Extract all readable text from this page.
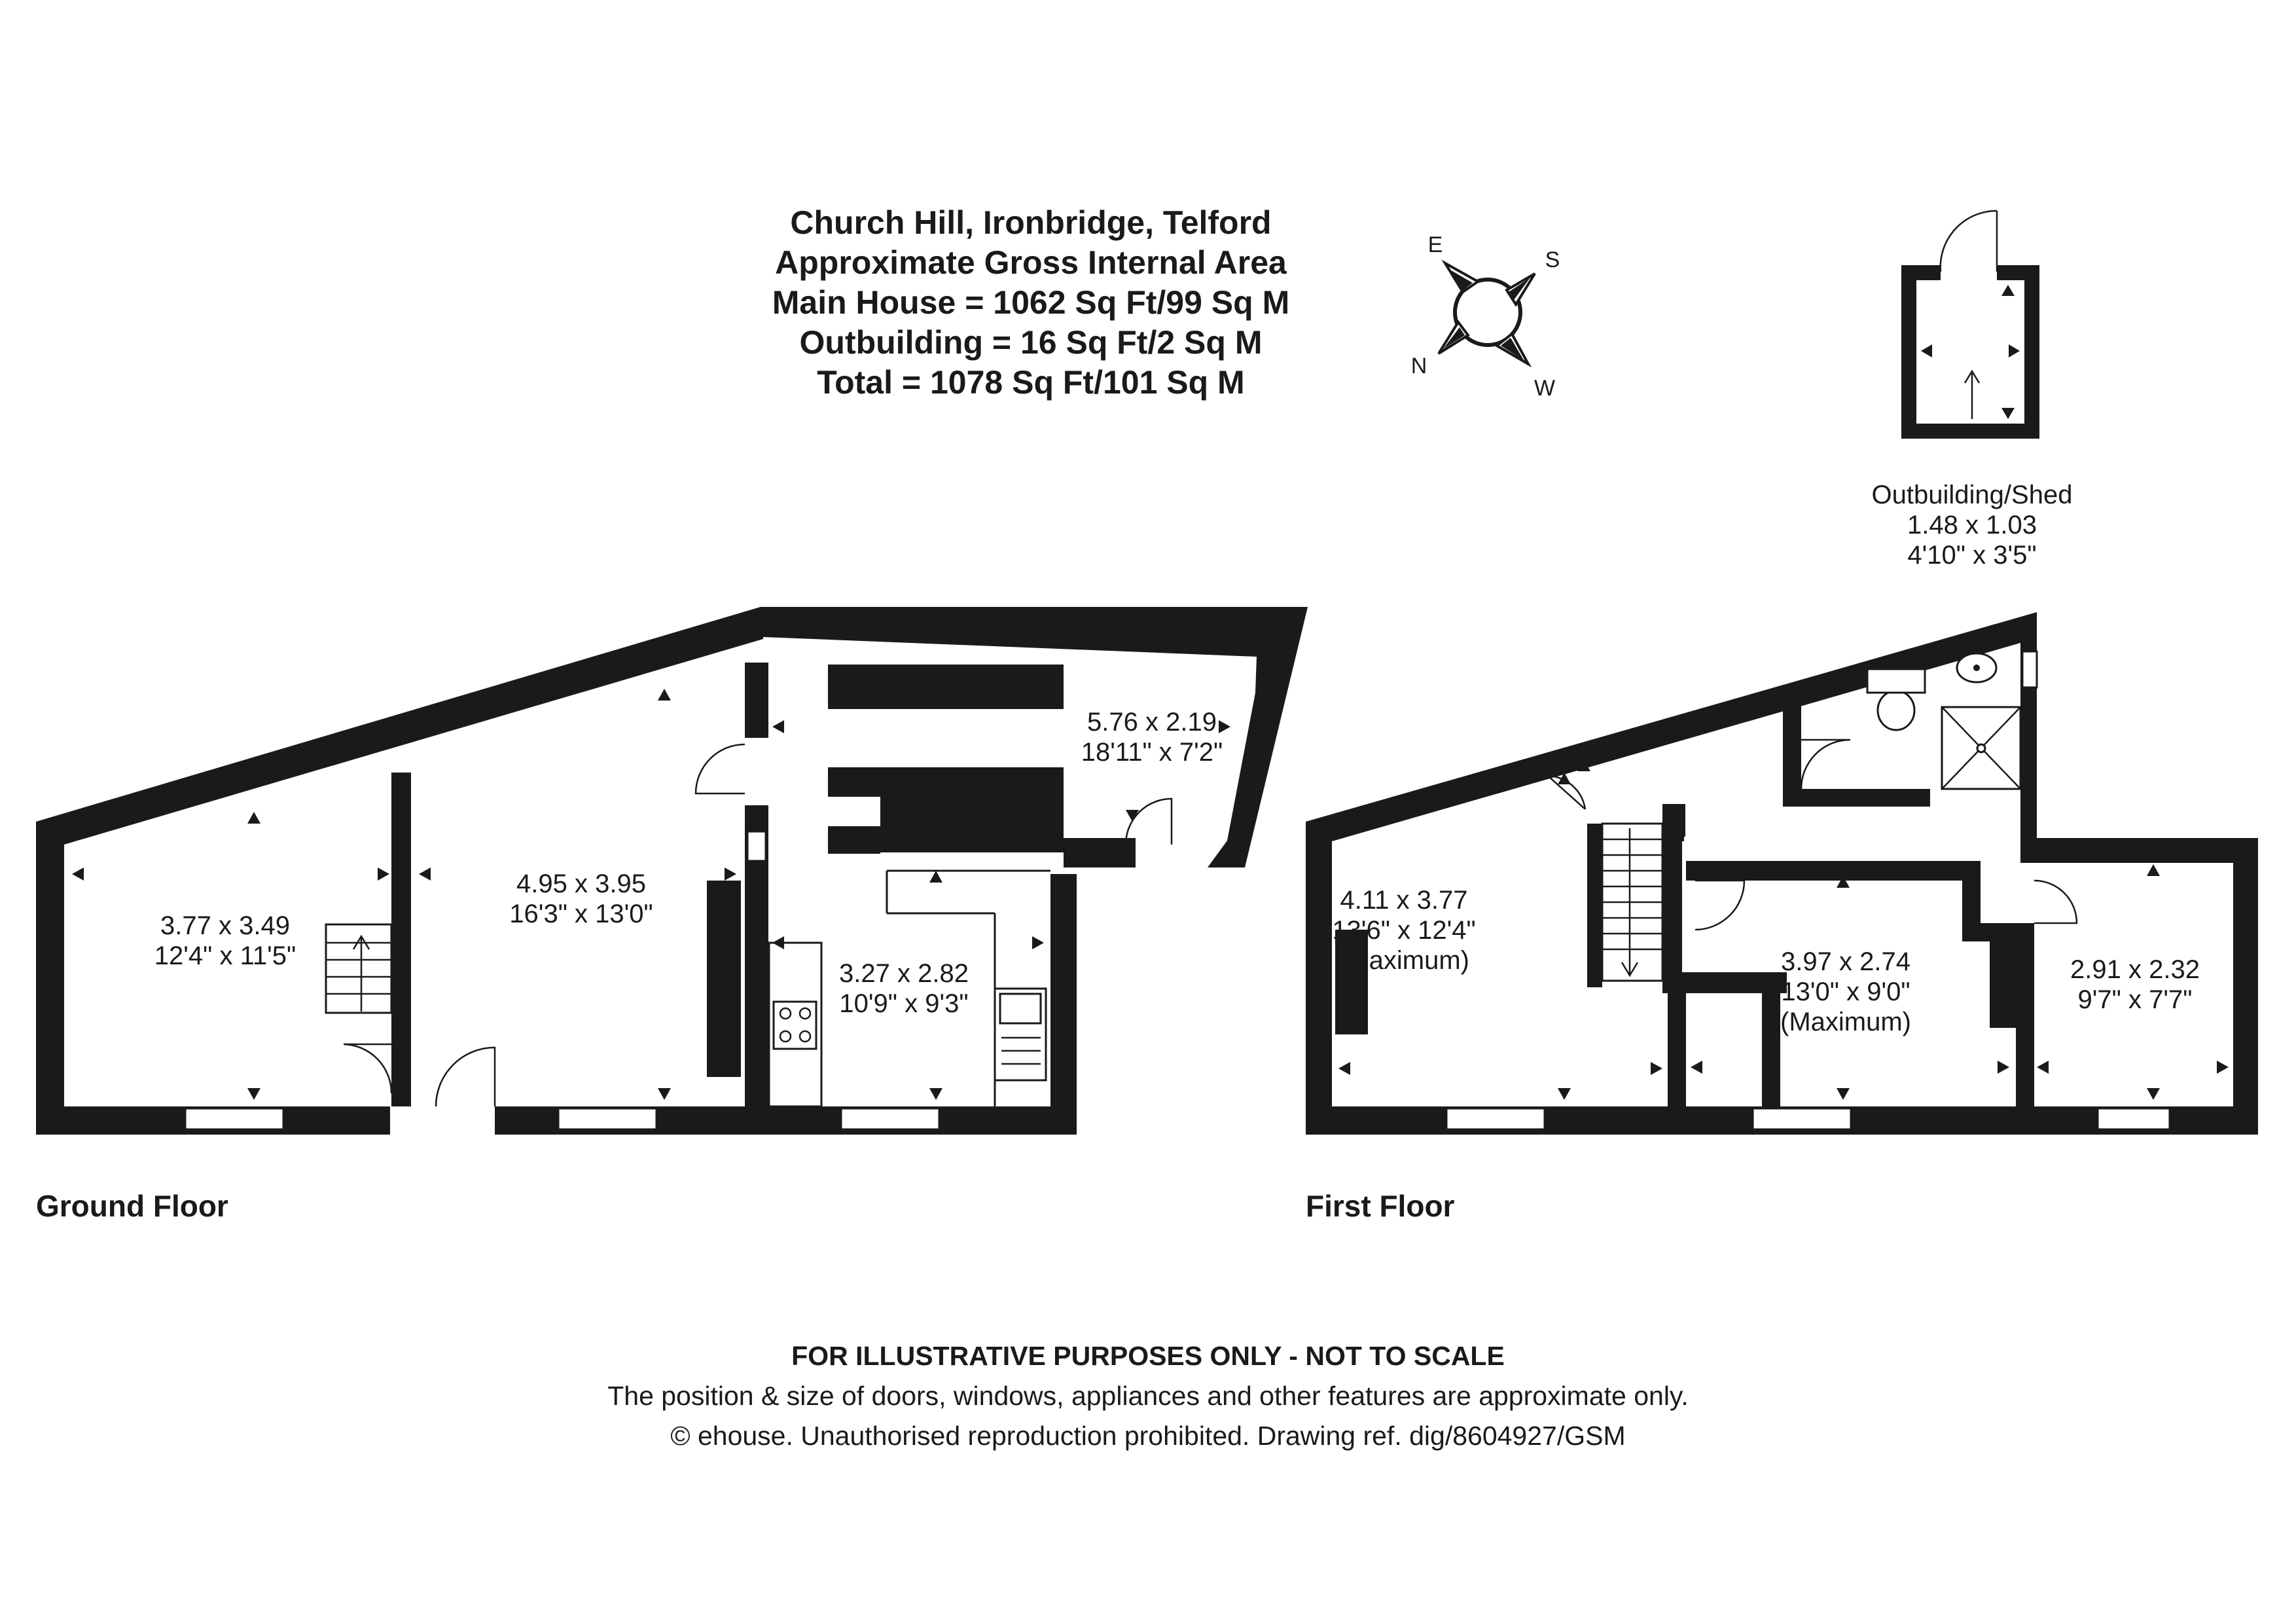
Church Hill, Ironbridge, Telford
Approximate Gross Internal Area
Main House = 1062 Sq Ft/99 Sq M
Outbuilding = 16 Sq Ft/2 Sq M
Total = 1078 Sq Ft/101 Sq M
E
S
N
W
Outbuilding/Shed
1.48 x 1.03
4'10" x 3'5"
3.77 x 3.49
12'4" x 11'5"
4.95 x 3.95
16'3" x 13'0"
3.27 x 2.82
10'9" x 9'3"
5.76 x 2.19
18'11" x 7'2"
Ground Floor
4.11 x 3.77
13'6" x 12'4"
(Maximum)	3.97 x 2.74
13'0" x 9'0"
(Maximum)
2.91 x 2.32
9'7" x 7'7"
First Floor
FOR ILLUSTRATIVE PURPOSES ONLY - NOT TO SCALE
The position & size of doors, windows, appliances and other features are approximate only.
© ehouse. Unauthorised reproduction prohibited. Drawing ref. dig/8604927/GSM
